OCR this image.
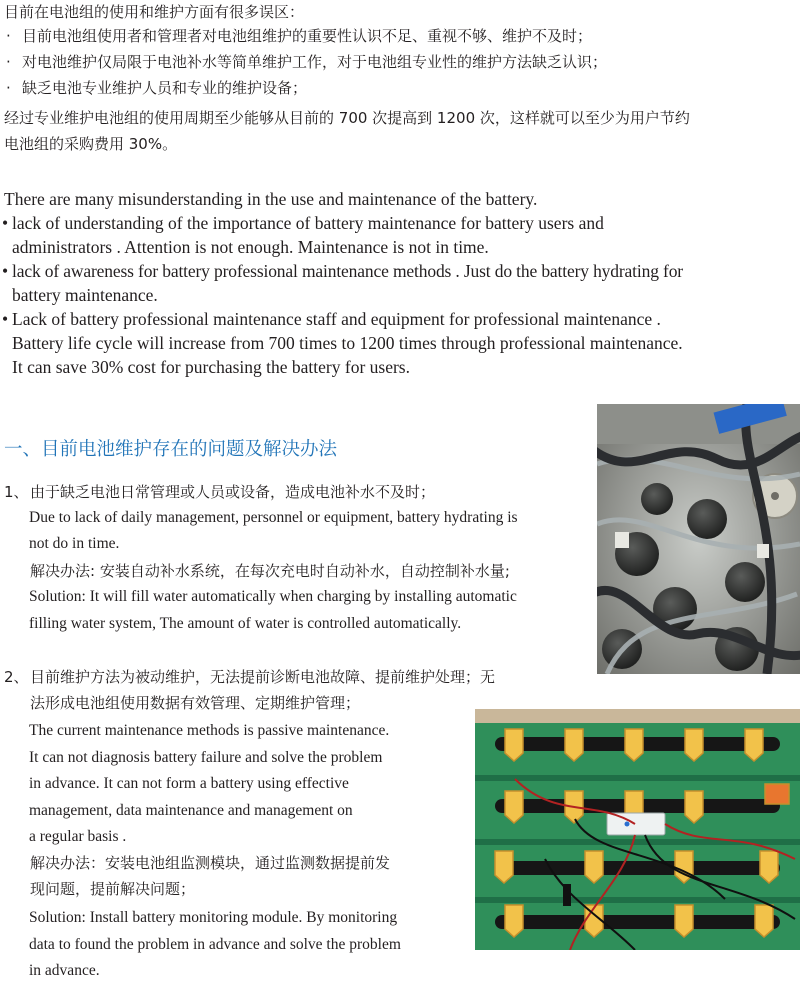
目前在电池组的使用和维护方面有很多误区：

· 目前电池组使用者和管理者对电池组维护的重要性认识不足、重视不够、维护不及时；
· 对电池维护仅局限于电池补水等简单维护工作，对于电池组专业性的维护方法缺乏认识；
· 缺乏电池专业维护人员和专业的维护设备；

经过专业维护电池组的使用周期至少能够从目前的 700 次提高到 1200 次，这样就可以至少为用户节约

电池组的采购费用 30%。

There are many misunderstanding in the use and maintenance of the battery.

• lack of understanding of the importance of battery maintenance for battery users and

administrators . Attention is not enough. Maintenance is not in time.

• lack of awareness for battery professional maintenance methods . Just do the battery hydrating for

battery maintenance.

• Lack of battery professional maintenance staff and equipment for professional maintenance .

Battery life cycle will increase from 700 times to 1200 times through professional maintenance.

It can save 30% cost for purchasing the battery for users.

一、目前电池维护存在的问题及解决办法

1、 由于缺乏电池日常管理或人员或设备，造成电池补水不及时；

Due to lack of daily management, personnel or equipment, battery hydrating is

not do in time.

解决办法: 安装自动补水系统，在每次充电时自动补水，自动控制补水量;

Solution: It will fill water automatically when charging by installing automatic

filling water system, The amount of water is controlled automatically.

2、 目前维护方法为被动维护，无法提前诊断电池故障、提前维护处理；无

法形成电池组使用数据有效管理、定期维护管理；

The current maintenance methods is passive maintenance.

It can not diagnosis battery failure and solve the problem

in advance. It can not form a battery using effective

management, data maintenance and management on

a regular basis .

解决办法：安装电池组监测模块，通过监测数据提前发

现问题，提前解决问题；

Solution: Install battery monitoring module. By monitoring

data to found the problem in advance and solve the problem

in advance.
